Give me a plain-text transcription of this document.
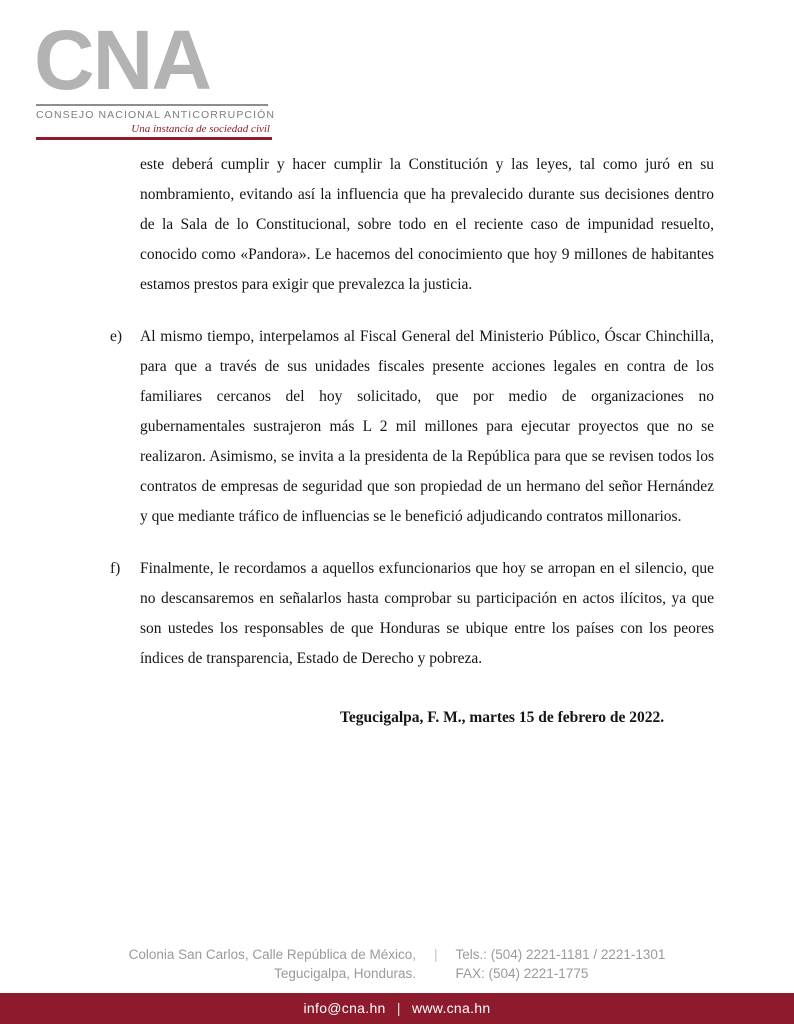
CNA
CONSEJO NACIONAL ANTICORRUPCIÓN
Una instancia de sociedad civil
este deberá cumplir y hacer cumplir la Constitución y las leyes, tal como juró en su nombramiento, evitando así la influencia que ha prevalecido durante sus decisiones dentro de la Sala de lo Constitucional, sobre todo en el reciente caso de impunidad resuelto, conocido como «Pandora». Le hacemos del conocimiento que hoy 9 millones de habitantes estamos prestos para exigir que prevalezca la justicia.
e)	Al mismo tiempo, interpelamos al Fiscal General del Ministerio Público, Óscar Chinchilla, para que a través de sus unidades fiscales presente acciones legales en contra de los familiares cercanos del hoy solicitado, que por medio de organizaciones no gubernamentales sustrajeron más L 2 mil millones para ejecutar proyectos que no se realizaron. Asimismo, se invita a la presidenta de la República para que se revisen todos los contratos de empresas de seguridad que son propiedad de un hermano del señor Hernández y que mediante tráfico de influencias se le benefició adjudicando contratos millonarios.
f)	Finalmente, le recordamos a aquellos exfuncionarios que hoy se arropan en el silencio, que no descansaremos en señalarlos hasta comprobar su participación en actos ilícitos, ya que son ustedes los responsables de que Honduras se ubique entre los países con los peores índices de transparencia, Estado de Derecho y pobreza.
Tegucigalpa, F. M., martes 15 de febrero de 2022.
Colonia San Carlos, Calle República de México,
Tegucigalpa, Honduras.
| Tels.: (504) 2221-1181 / 2221-1301
FAX: (504) 2221-1775
info@cna.hn | www.cna.hn
